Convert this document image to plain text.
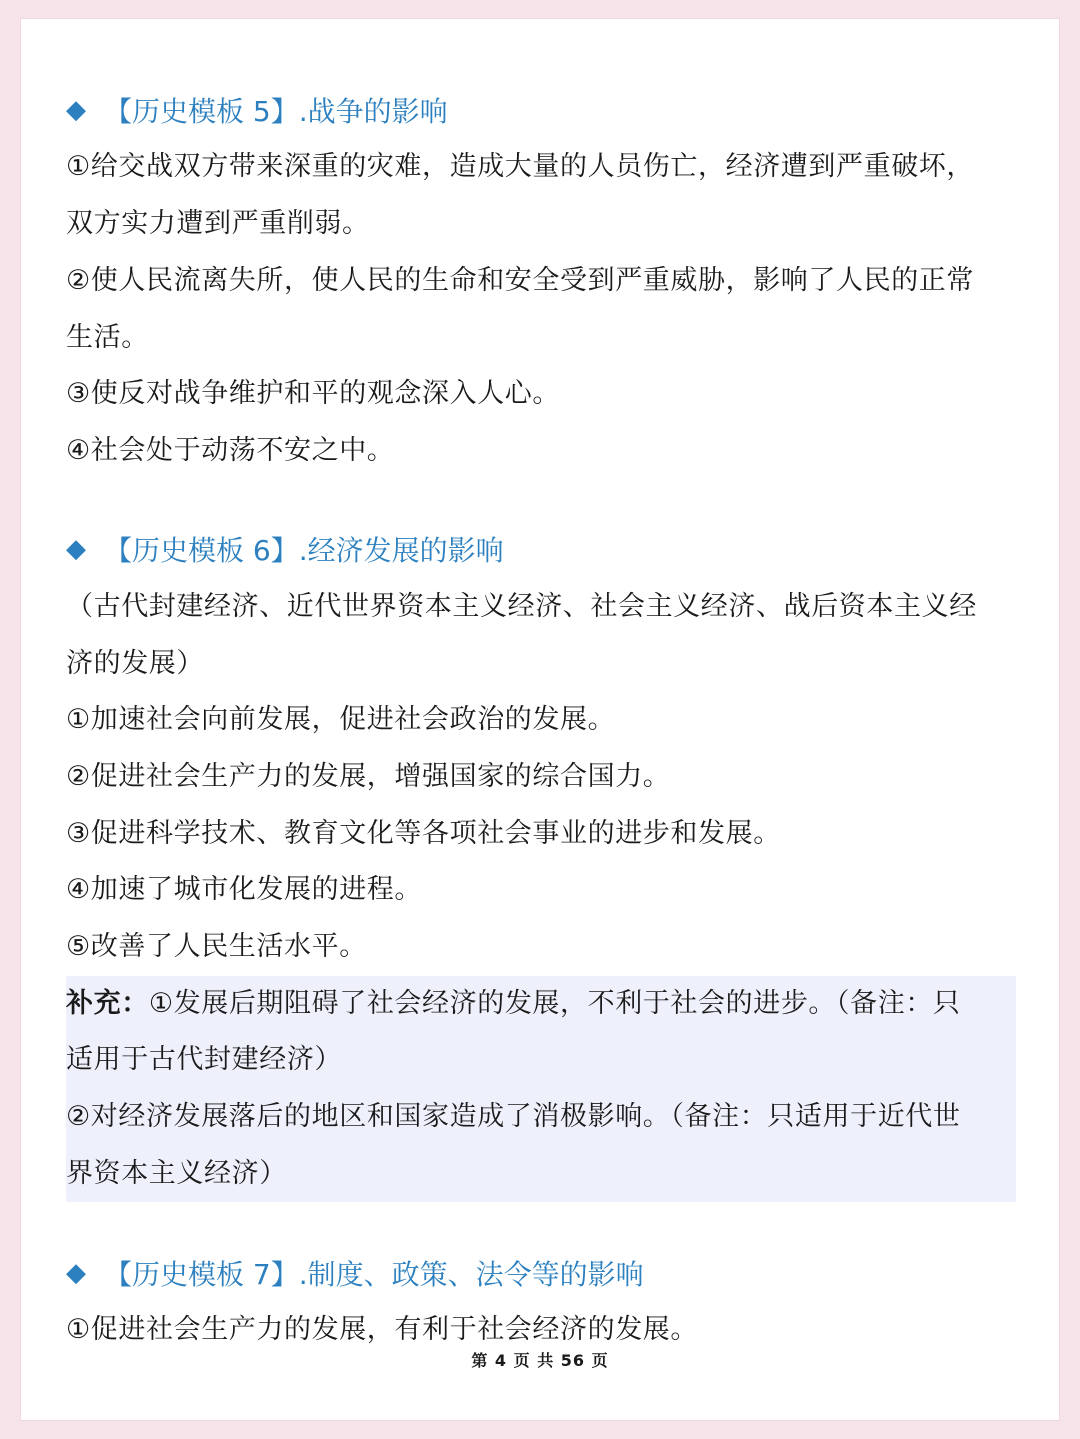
◆ 【历史模板 5】.战争的影响
①给交战双方带来深重的灾难，造成大量的人员伤亡，经济遭到严重破坏，
双方实力遭到严重削弱。
②使人民流离失所，使人民的生命和安全受到严重威胁，影响了人民的正常
生活。
③使反对战争维护和平的观念深入人心。
④社会处于动荡不安之中。
◆ 【历史模板 6】.经济发展的影响
（古代封建经济、近代世界资本主义经济、社会主义经济、战后资本主义经
济的发展）
①加速社会向前发展，促进社会政治的发展。
②促进社会生产力的发展，增强国家的综合国力。
③促进科学技术、教育文化等各项社会事业的进步和发展。
④加速了城市化发展的进程。
⑤改善了人民生活水平。
补充：①发展后期阻碍了社会经济的发展，不利于社会的进步。（备注：只
适用于古代封建经济）
②对经济发展落后的地区和国家造成了消极影响。（备注：只适用于近代世
界资本主义经济）
◆ 【历史模板 7】.制度、政策、法令等的影响
①促进社会生产力的发展，有利于社会经济的发展。
第 4 页 共 56 页
